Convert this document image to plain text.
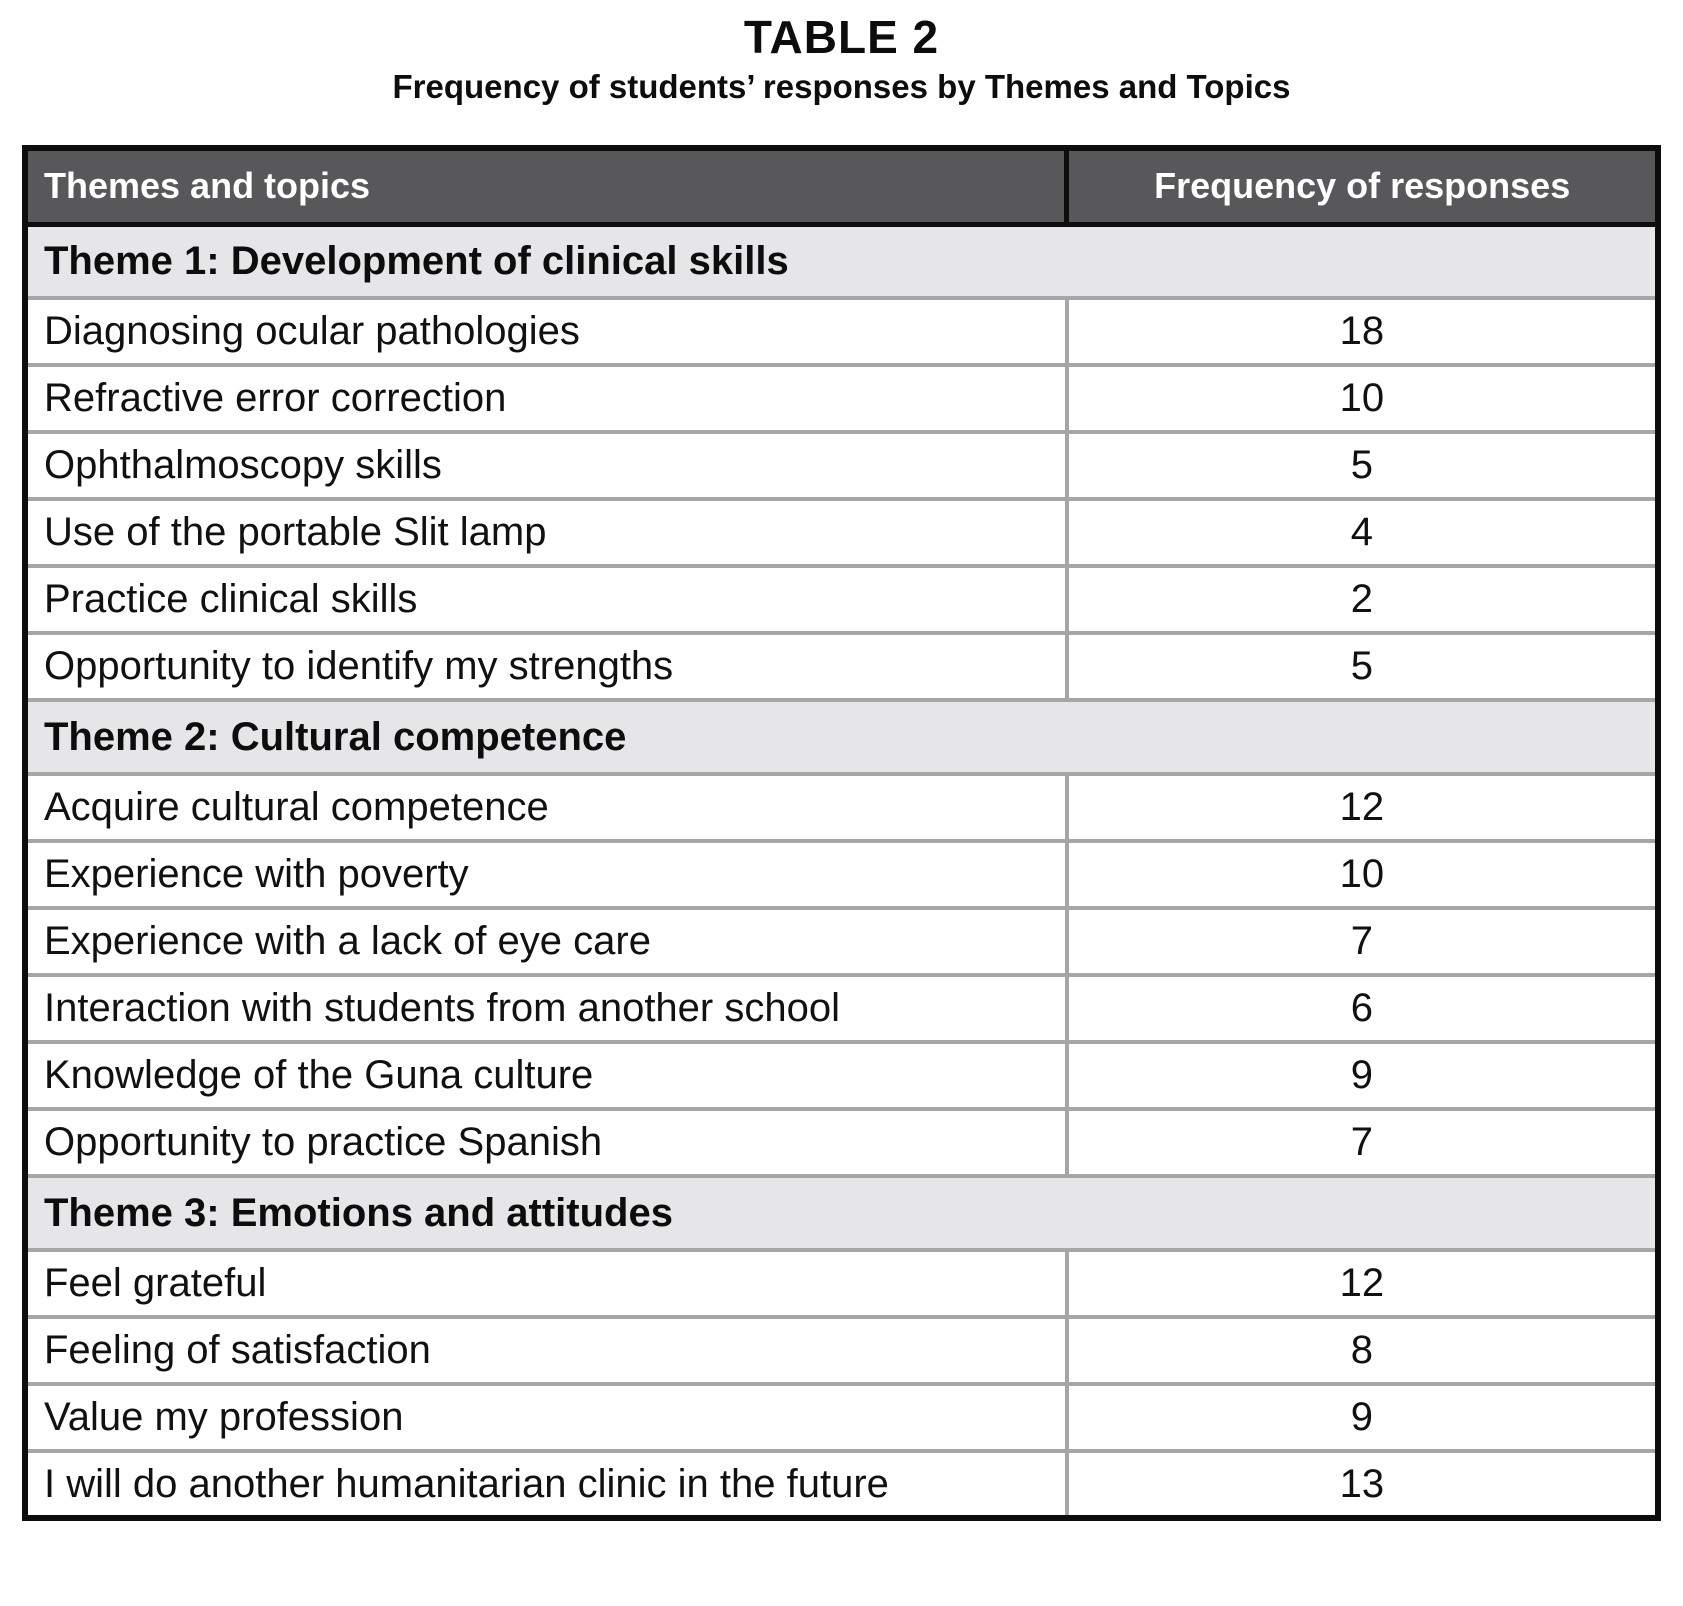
TABLE 2
Frequency of students’ responses by Themes and Topics
Themes and topics	Frequency of responses
Theme 1: Development of clinical skills	
Diagnosing ocular pathologies	18
Refractive error correction	10
Ophthalmoscopy skills	5
Use of the portable Slit lamp	4
Practice clinical skills	2
Opportunity to identify my strengths	5
Theme 2: Cultural competence	
Acquire cultural competence	12
Experience with poverty	10
Experience with a lack of eye care	7
Interaction with students from another school	6
Knowledge of the Guna culture	9
Opportunity to practice Spanish	7
Theme 3: Emotions and attitudes	
Feel grateful	12
Feeling of satisfaction	8
Value my profession	9
I will do another humanitarian clinic in the future	13
